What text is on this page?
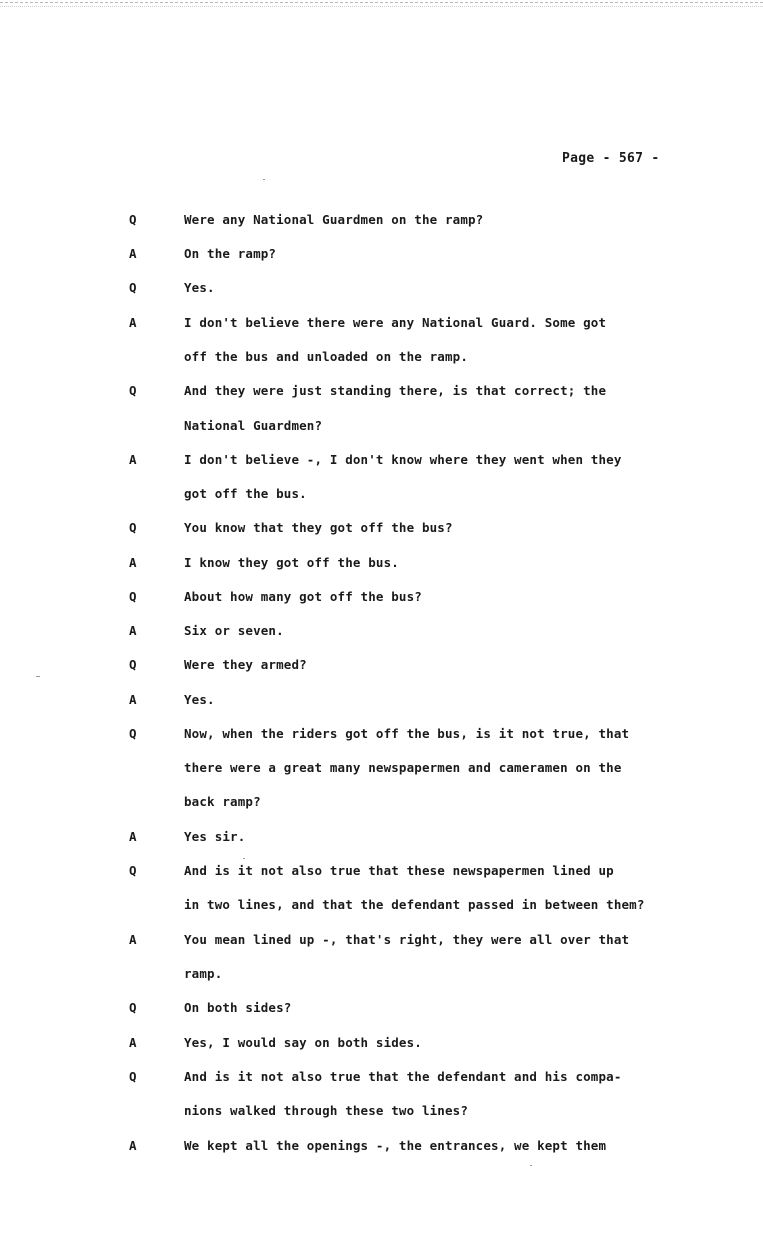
Page - 567 -
Q	Were any National Guardmen on the ramp?
A	On the ramp?
Q	Yes.
A	I don't believe there were any National Guard. Some got
off the bus and unloaded on the ramp.
Q	And they were just standing there, is that correct; the
National Guardmen?
A	I don't believe -, I don't know where they went when they
got off the bus.
Q	You know that they got off the bus?
A	I know they got off the bus.
Q	About how many got off the bus?
A	Six or seven.
Q	Were they armed?
A	Yes.
Q	Now, when the riders got off the bus, is it not true, that
there were a great many newspapermen and cameramen on the
back ramp?
A	Yes sir.
Q	And is it not also true that these newspapermen lined up
in two lines, and that the defendant passed in between them?
A	You mean lined up -, that's right, they were all over that
ramp.
Q	On both sides?
A	Yes, I would say on both sides.
Q	And is it not also true that the defendant and his compa-
nions walked through these two lines?
A	We kept all the openings -, the entrances, we kept them
